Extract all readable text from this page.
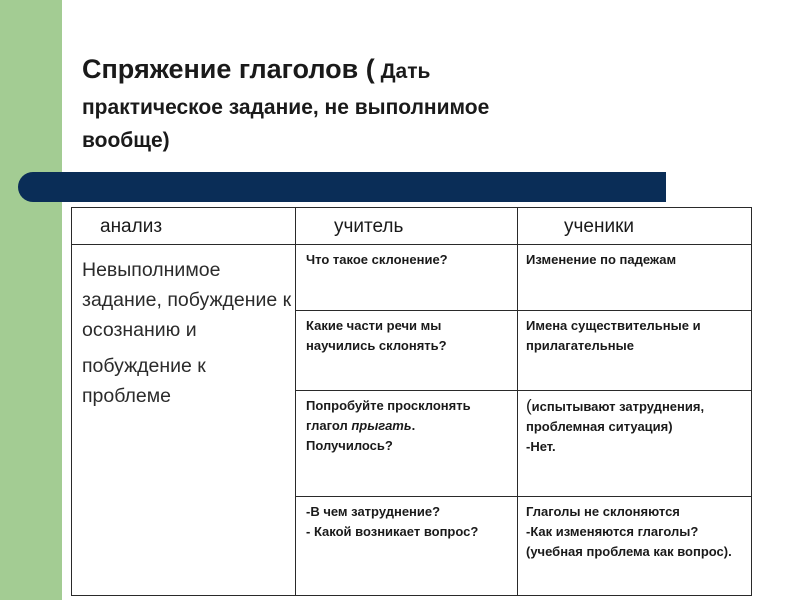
Спряжение глаголов ( Дать
практическое задание, не выполнимое
вообще)
анализ	учитель	ученики

Невыполнимое задание, побуждение к осознанию и
побуждение к проблеме	Что такое склонение?	Изменение по падежам

	Какие части речи мы научились склонять?	Имена существительные и прилагательные

	Попробуйте просклонять
глагол прыгать.
Получилось?	(испытывают затруднения, проблемная ситуация)
-Нет.

	-В чем затруднение?
- Какой возникает вопрос?	Глаголы не склоняются
-Как изменяются глаголы?(учебная проблема как вопрос).
